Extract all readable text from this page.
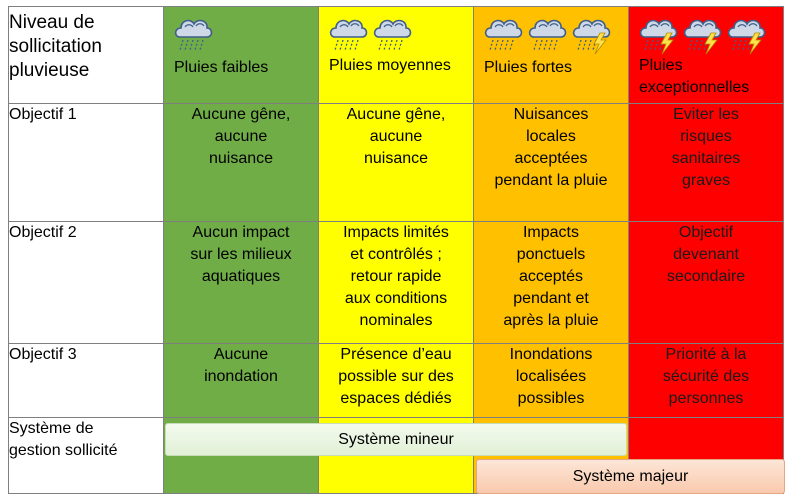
Niveau de sollicitation pluvieuse	Pluies faibles	Pluies moyennes	Pluies fortes	Pluies exceptionnelles

Objectif 1	Aucune gêne,
aucune
nuisance	Aucune gêne,
aucune
nuisance	Nuisances
locales
acceptées
pendant la pluie	Eviter les
risques
sanitaires
graves
Objectif 2	Aucun impact
sur les milieux
aquatiques	Impacts limités
et contrôlés ;
retour rapide
aux conditions
nominales	Impacts
ponctuels
acceptés
pendant et
après la pluie	Objectif
devenant
secondaire
Objectif 3	Aucune
inondation	Présence d’eau
possible sur des
espaces dédiés	Inondations
localisées
possibles	Priorité à la
sécurité des
personnes
Système de
gestion sollicité				
Système mineur
Système majeur
